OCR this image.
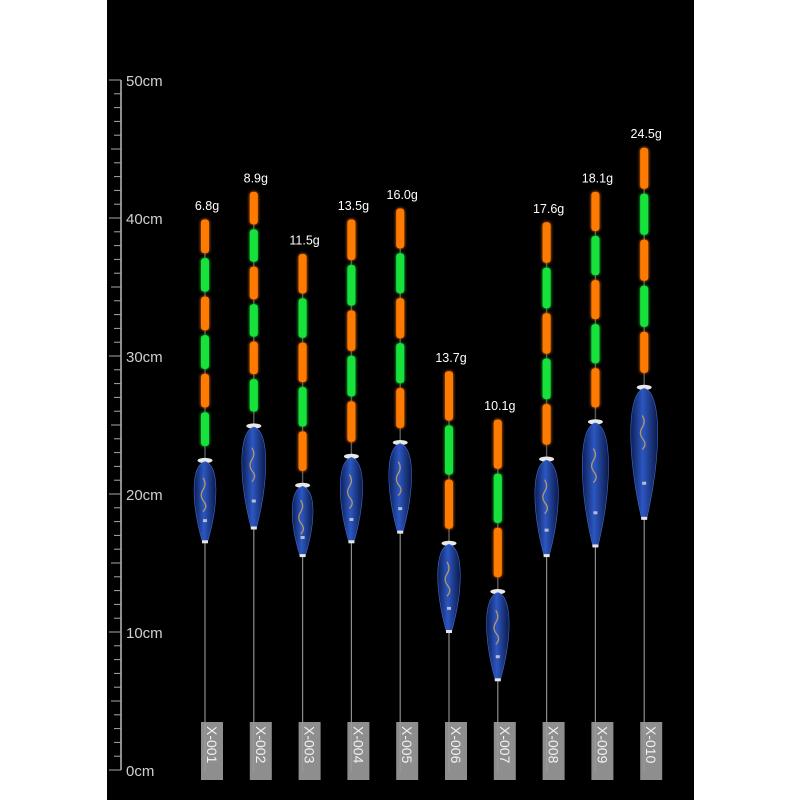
0cm
10cm
20cm
30cm
40cm
50cm
6.8g
X-001
8.9g
X-002
11.5g
X-003
13.5g
X-004
16.0g
X-005
13.7g
X-006
10.1g
X-007
17.6g
X-008
18.1g
X-009
24.5g
X-010
